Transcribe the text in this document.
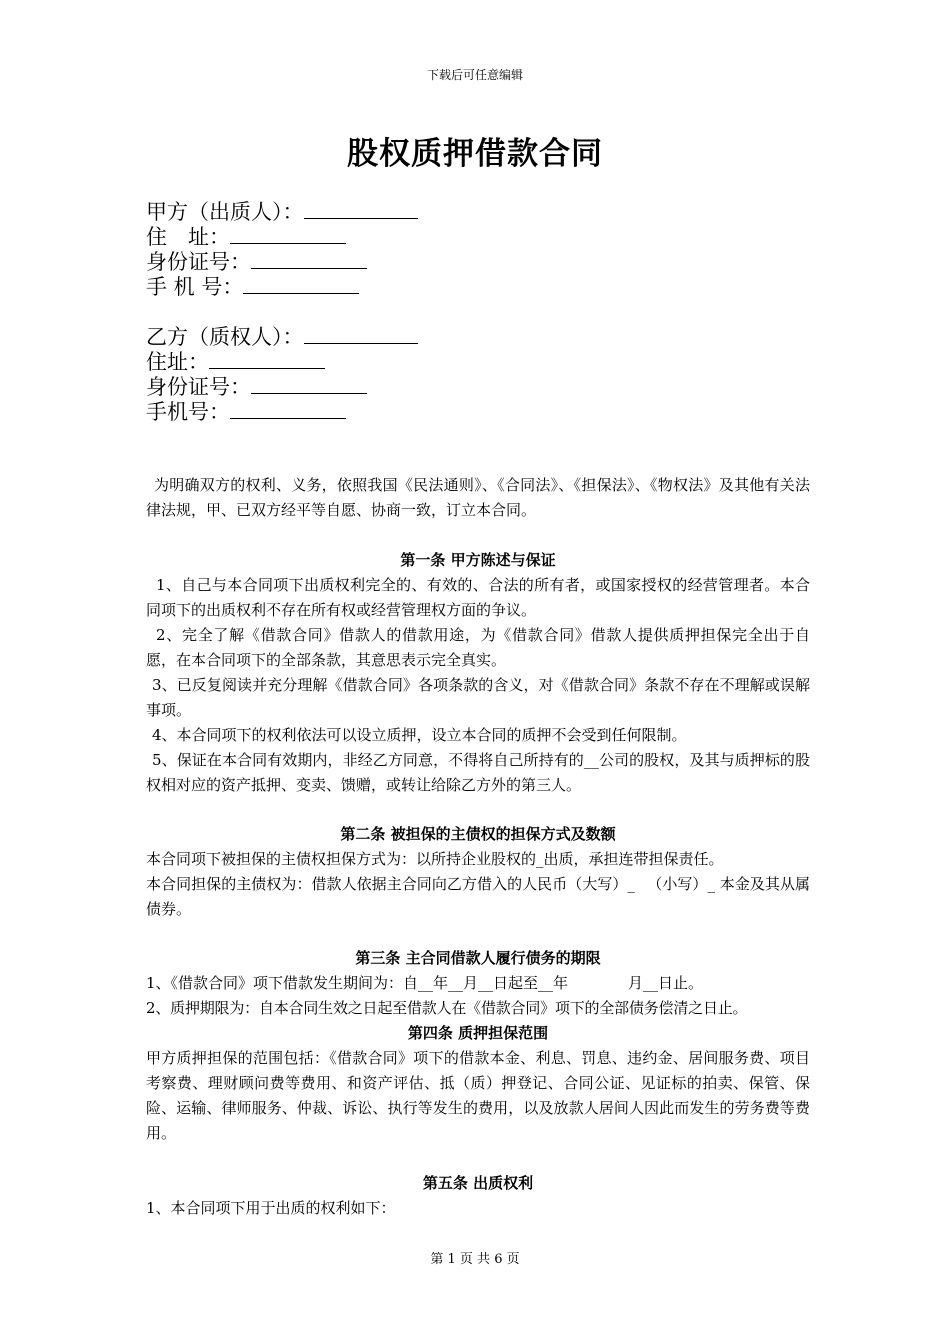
下载后可任意编辑
股权质押借款合同
甲方（出质人）：
住　址：
身份证号：
手 机 号：
乙方（质权人）：
住址：
身份证号：
手机号：

为明确双方的权利、义务，依照我国《民法通则》、《合同法》、《担保法》、《物权法》及其他有关法律法规，甲、已双方经平等自愿、协商一致，订立本合同。

第一条 甲方陈述与保证

1、自己与本合同项下出质权利完全的、有效的、合法的所有者，或国家授权的经营管理者。本合同项下的出质权利不存在所有权或经营管理权方面的争议。

2、完全了解《借款合同》借款人的借款用途，为《借款合同》借款人提供质押担保完全出于自愿，在本合同项下的全部条款，其意思表示完全真实。

3、已反复阅读并充分理解《借款合同》各项条款的含义，对《借款合同》条款不存在不理解或误解事项。

4、本合同项下的权利依法可以设立质押，设立本合同的质押不会受到任何限制。

5、保证在本合同有效期内，非经乙方同意，不得将自己所持有的__公司的股权，及其与质押标的股权相对应的资产抵押、变卖、馈赠，或转让给除乙方外的第三人。

第二条 被担保的主债权的担保方式及数额

本合同项下被担保的主债权担保方式为：以所持企业股权的_出质，承担连带担保责任。

本合同担保的主债权为：借款人依据主合同向乙方借入的人民币（大写）_ 　（小写）_ 本金及其从属债券。

第三条 主合同借款人履行债务的期限

1、《借款合同》项下借款发生期间为：自__年__月__日起至__年　　　　月__日止。

2、质押期限为：自本合同生效之日起至借款人在《借款合同》项下的全部债务偿清之日止。

第四条 质押担保范围

甲方质押担保的范围包括：《借款合同》项下的借款本金、利息、罚息、违约金、居间服务费、项目考察费、理财顾问费等费用、和资产评估、抵（质）押登记、合同公证、见证标的拍卖、保管、保险、运输、律师服务、仲裁、诉讼、执行等发生的费用，以及放款人居间人因此而发生的劳务费等费用。

第五条 出质权利

1、本合同项下用于出质的权利如下：

第 1 页 共 6 页
